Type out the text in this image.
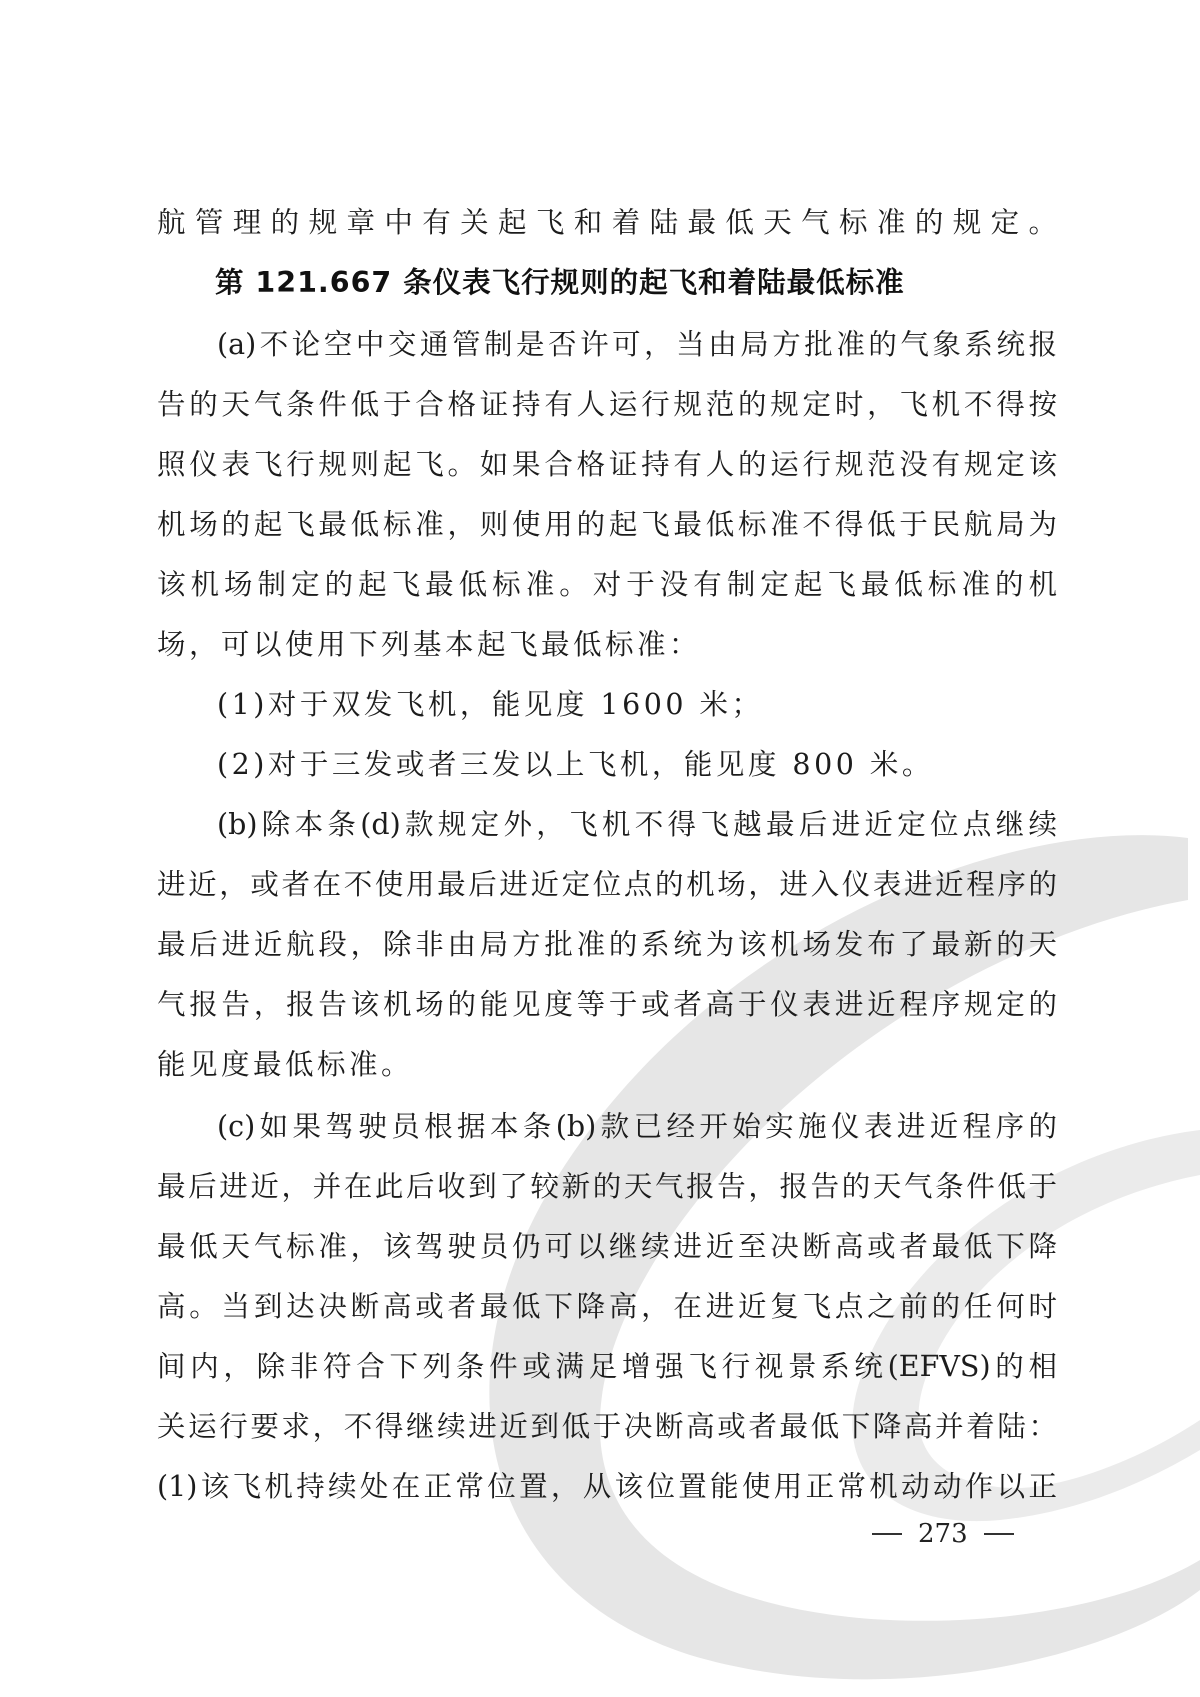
航管理的规章中有关起飞和着陆最低天气标准的规定。

第 121.667 条仪表飞行规则的起飞和着陆最低标准

(a)不论空中交通管制是否许可，当由局方批准的气象系统报

告的天气条件低于合格证持有人运行规范的规定时，飞机不得按

照仪表飞行规则起飞。如果合格证持有人的运行规范没有规定该

机场的起飞最低标准，则使用的起飞最低标准不得低于民航局为

该机场制定的起飞最低标准。对于没有制定起飞最低标准的机

场，可以使用下列基本起飞最低标准：

(1)对于双发飞机，能见度 1600 米；

(2)对于三发或者三发以上飞机，能见度 800 米。

(b)除本条(d)款规定外，飞机不得飞越最后进近定位点继续

进近，或者在不使用最后进近定位点的机场，进入仪表进近程序的

最后进近航段，除非由局方批准的系统为该机场发布了最新的天

气报告，报告该机场的能见度等于或者高于仪表进近程序规定的

能见度最低标准。

(c)如果驾驶员根据本条(b)款已经开始实施仪表进近程序的

最后进近，并在此后收到了较新的天气报告，报告的天气条件低于

最低天气标准，该驾驶员仍可以继续进近至决断高或者最低下降

高。当到达决断高或者最低下降高，在进近复飞点之前的任何时

间内，除非符合下列条件或满足增强飞行视景系统(EFVS)的相

关运行要求，不得继续进近到低于决断高或者最低下降高并着陆：

(1)该飞机持续处在正常位置，从该位置能使用正常机动动作以正

273
